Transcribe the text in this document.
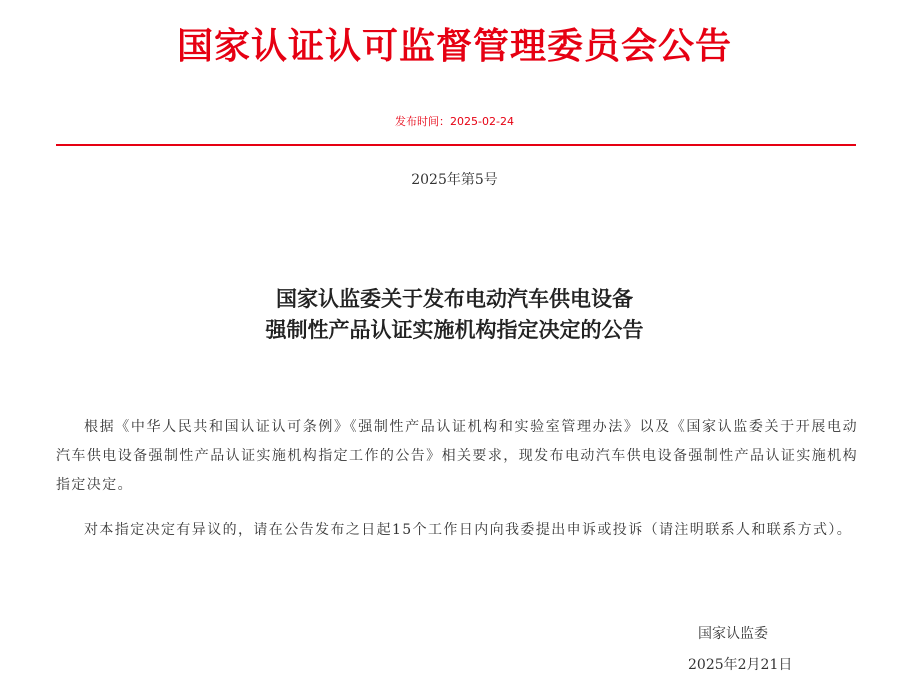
国家认证认可监督管理委员会公告
发布时间：2025-02-24
2025年第5号
国家认监委关于发布电动汽车供电设备
强制性产品认证实施机构指定决定的公告
根据《中华人民共和国认证认可条例》《强制性产品认证机构和实验室管理办法》以及《国家认监委关于开展电动汽车供电设备强制性产品认证实施机构指定工作的公告》相关要求，现发布电动汽车供电设备强制性产品认证实施机构指定决定。
对本指定决定有异议的，请在公告发布之日起15个工作日内向我委提出申诉或投诉（请注明联系人和联系方式）。
国家认监委
2025年2月21日
